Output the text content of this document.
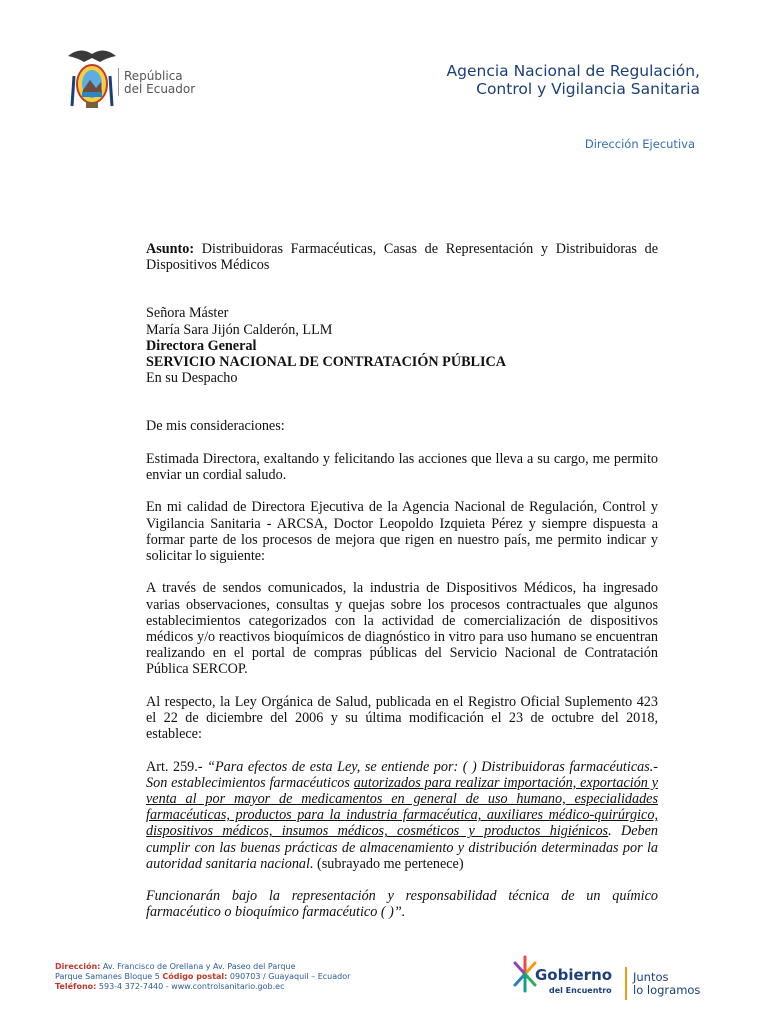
República
del Ecuador
Agencia Nacional de Regulación,
Control y Vigilancia Sanitaria
Dirección Ejecutiva

Asunto: Distribuidoras Farmacéuticas, Casas de Representación y Distribuidoras de Dispositivos Médicos

Señora Máster
María Sara Jijón Calderón, LLM
Directora General
SERVICIO NACIONAL DE CONTRATACIÓN PÚBLICA
En su Despacho

De mis consideraciones:

Estimada Directora, exaltando y felicitando las acciones que lleva a su cargo, me permito enviar un cordial saludo.

En mi calidad de Directora Ejecutiva de la Agencia Nacional de Regulación, Control y Vigilancia Sanitaria - ARCSA, Doctor Leopoldo Izquieta Pérez y siempre dispuesta a formar parte de los procesos de mejora que rigen en nuestro país, me permito indicar y solicitar lo siguiente:

A través de sendos comunicados, la industria de Dispositivos Médicos, ha ingresado varias observaciones, consultas y quejas sobre los procesos contractuales que algunos establecimientos categorizados con la actividad de comercialización de dispositivos médicos y/o reactivos bioquímicos de diagnóstico in vitro para uso humano se encuentran realizando en el portal de compras públicas del Servicio Nacional de Contratación Pública SERCOP.

Al respecto, la Ley Orgánica de Salud, publicada en el Registro Oficial Suplemento 423 el 22 de diciembre del 2006 y su última modificación el 23 de octubre del 2018, establece:

Art. 259.- “Para efectos de esta Ley, se entiende por: ( ) Distribuidoras farmacéuticas.- Son establecimientos farmacéuticos autorizados para realizar importación, exportación y venta al por mayor de medicamentos en general de uso humano, especialidades farmacéuticas, productos para la industria farmacéutica, auxiliares médico-quirúrgico, dispositivos médicos, insumos médicos, cosméticos y productos higiénicos. Deben cumplir con las buenas prácticas de almacenamiento y distribución determinadas por la autoridad sanitaria nacional. (subrayado me pertenece)

Funcionarán bajo la representación y responsabilidad técnica de un químico farmacéutico o bioquímico farmacéutico ( )”.

Dirección: Av. Francisco de Orellana y Av. Paseo del Parque
Parque Samanes Bloque 5 Código postal: 090703 / Guayaquil – Ecuador
Teléfono: 593-4 372-7440 - www.controlsanitario.gob.ec
Gobierno
del Encuentro
Juntos
lo logramos
